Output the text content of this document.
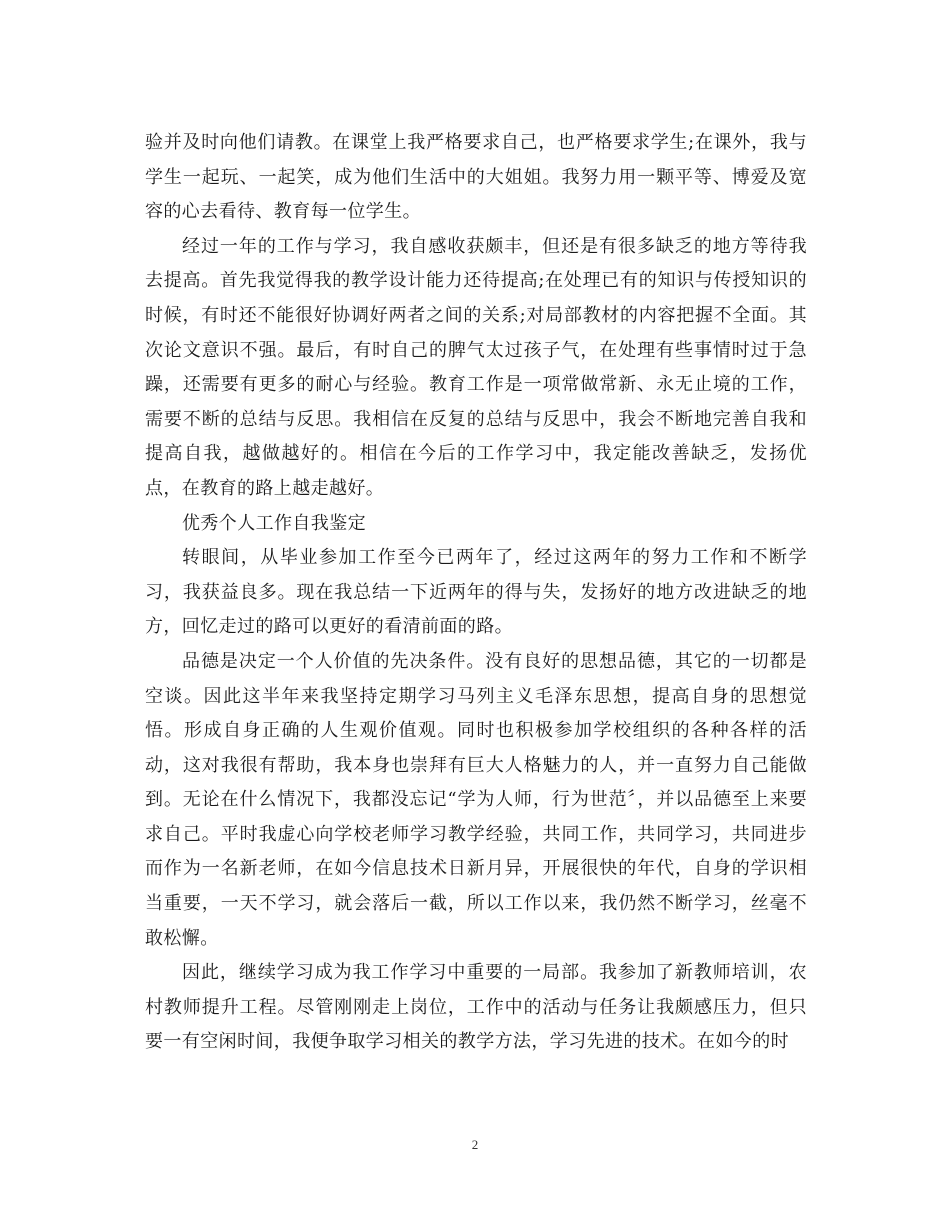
验并及时向他们请教。在课堂上我严格要求自己，也严格要求学生;在课外，我与学生一起玩、一起笑，成为他们生活中的大姐姐。我努力用一颗平等、博爱及宽容的心去看待、教育每一位学生。

经过一年的工作与学习，我自感收获颇丰，但还是有很多缺乏的地方等待我去提高。首先我觉得我的教学设计能力还待提高;在处理已有的知识与传授知识的时候，有时还不能很好协调好两者之间的关系;对局部教材的内容把握不全面。其次论文意识不强。最后，有时自己的脾气太过孩子气，在处理有些事情时过于急躁，还需要有更多的耐心与经验。教育工作是一项常做常新、永无止境的工作，需要不断的总结与反思。我相信在反复的总结与反思中，我会不断地完善自我和提高自我，越做越好的。相信在今后的工作学习中，我定能改善缺乏，发扬优点，在教育的路上越走越好。

优秀个人工作自我鉴定

转眼间，从毕业参加工作至今已两年了，经过这两年的努力工作和不断学习，我获益良多。现在我总结一下近两年的得与失，发扬好的地方改进缺乏的地方，回忆走过的路可以更好的看清前面的路。

品德是决定一个人价值的先决条件。没有良好的思想品德，其它的一切都是空谈。因此这半年来我坚持定期学习马列主义毛泽东思想，提高自身的思想觉悟。形成自身正确的人生观价值观。同时也积极参加学校组织的各种各样的活动，这对我很有帮助，我本身也崇拜有巨大人格魅力的人，并一直努力自己能做到。无论在什么情况下，我都没忘记“学为人师，行为世范〞，并以品德至上来要求自己。平时我虚心向学校老师学习教学经验，共同工作，共同学习，共同进步而作为一名新老师，在如今信息技术日新月异，开展很快的年代，自身的学识相当重要，一天不学习，就会落后一截，所以工作以来，我仍然不断学习，丝毫不敢松懈。

因此，继续学习成为我工作学习中重要的一局部。我参加了新教师培训，农村教师提升工程。尽管刚刚走上岗位，工作中的活动与任务让我颇感压力，但只要一有空闲时间，我便争取学习相关的教学方法，学习先进的技术。在如今的时

2
